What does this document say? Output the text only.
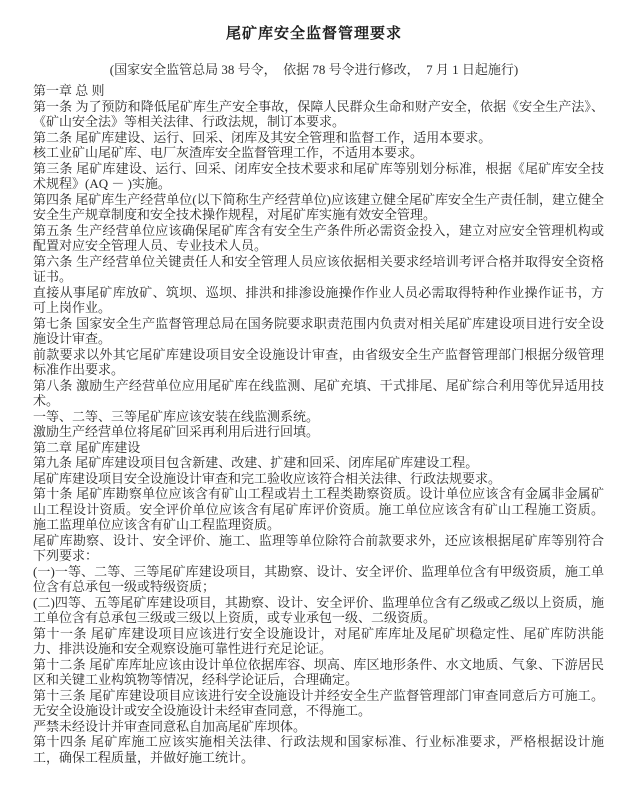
尾矿库安全监督管理要求

(国家安全监管总局 38 号令，  依据 78 号令进行修改，  7 月 1 日起施行)

第一章 总 则

第一条 为了预防和降低尾矿库生产安全事故，保障人民群众生命和财产安全，依据《安全生产法》、《矿山安全法》等相关法律、行政法规，制订本要求。

第二条 尾矿库建设、运行、回采、闭库及其安全管理和监督工作，适用本要求。

核工业矿山尾矿库、电厂灰渣库安全监督管理工作，不适用本要求。

第三条 尾矿库建设、运行、回采、闭库安全技术要求和尾矿库等别划分标准，根据《尾矿库安全技术规程》(AQ － )实施。

第四条 尾矿库生产经营单位(以下简称生产经营单位)应该建立健全尾矿库安全生产责任制，建立健全安全生产规章制度和安全技术操作规程，对尾矿库实施有效安全管理。

第五条 生产经营单位应该确保尾矿库含有安全生产条件所必需资金投入，建立对应安全管理机构或配置对应安全管理人员、专业技术人员。

第六条 生产经营单位关键责任人和安全管理人员应该依据相关要求经培训考评合格并取得安全资格证书。

直接从事尾矿库放矿、筑坝、巡坝、排洪和排渗设施操作作业人员必需取得特种作业操作证书，方可上岗作业。

第七条 国家安全生产监督管理总局在国务院要求职责范围内负责对相关尾矿库建设项目进行安全设施设计审查。

前款要求以外其它尾矿库建设项目安全设施设计审查，由省级安全生产监督管理部门根据分级管理标准作出要求。

第八条 激励生产经营单位应用尾矿库在线监测、尾矿充填、干式排尾、尾矿综合利用等优异适用技术。

一等、二等、三等尾矿库应该安装在线监测系统。

激励生产经营单位将尾矿回采再利用后进行回填。

第二章 尾矿库建设

第九条 尾矿库建设项目包含新建、改建、扩建和回采、闭库尾矿库建设工程。

尾矿库建设项目安全设施设计审查和完工验收应该符合相关法律、行政法规要求。

第十条 尾矿库勘察单位应该含有矿山工程或岩土工程类勘察资质。设计单位应该含有金属非金属矿山工程设计资质。安全评价单位应该含有尾矿库评价资质。施工单位应该含有矿山工程施工资质。施工监理单位应该含有矿山工程监理资质。

尾矿库勘察、设计、安全评价、施工、监理等单位除符合前款要求外，还应该根据尾矿库等别符合下列要求：

(一)一等、二等、三等尾矿库建设项目，其勘察、设计、安全评价、监理单位含有甲级资质，施工单位含有总承包一级或特级资质；

(二)四等、五等尾矿库建设项目，其勘察、设计、安全评价、监理单位含有乙级或乙级以上资质，施工单位含有总承包三级或三级以上资质，或专业承包一级、二级资质。

第十一条 尾矿库建设项目应该进行安全设施设计，对尾矿库库址及尾矿坝稳定性、尾矿库防洪能力、排洪设施和安全观察设施可靠性进行充足论证。

第十二条 尾矿库库址应该由设计单位依据库容、坝高、库区地形条件、水文地质、气象、下游居民区和关键工业构筑物等情况，经科学论证后，合理确定。

第十三条 尾矿库建设项目应该进行安全设施设计并经安全生产监督管理部门审查同意后方可施工。无安全设施设计或安全设施设计未经审查同意，不得施工。

严禁未经设计并审查同意私自加高尾矿库坝体。

第十四条 尾矿库施工应该实施相关法律、行政法规和国家标准、行业标准要求，严格根据设计施工，确保工程质量，并做好施工统计。
